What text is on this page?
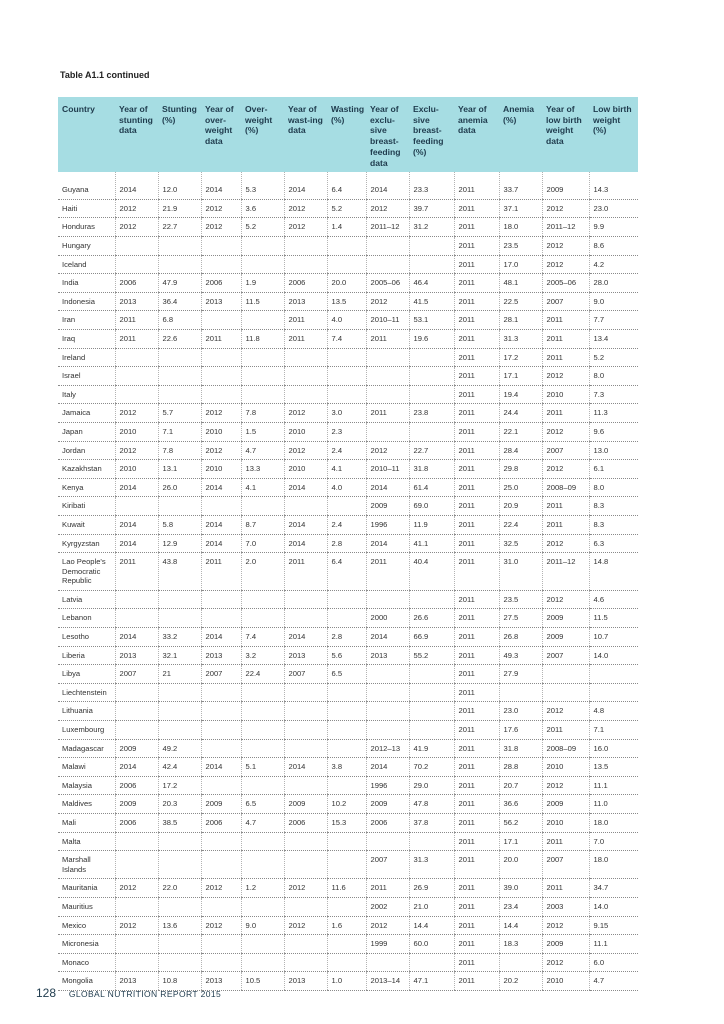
Table A1.1 continued
Country	Year of stunting data	Stunting (%)	Year of over-weight data	Over-weight (%)	Year of wast-ing data	Wasting (%)	Year of exclu-sive breast-feeding data	Exclu-sive breast-feeding (%)	Year of anemia data	Anemia (%)	Year of low birth weight data	Low birth weight (%)
Guyana	2014	12.0	2014	5.3	2014	6.4	2014	23.3	2011	33.7	2009	14.3
Haiti	2012	21.9	2012	3.6	2012	5.2	2012	39.7	2011	37.1	2012	23.0
Honduras	2012	22.7	2012	5.2	2012	1.4	2011–12	31.2	2011	18.0	2011–12	9.9
Hungary									2011	23.5	2012	8.6
Iceland									2011	17.0	2012	4.2
India	2006	47.9	2006	1.9	2006	20.0	2005–06	46.4	2011	48.1	2005–06	28.0
Indonesia	2013	36.4	2013	11.5	2013	13.5	2012	41.5	2011	22.5	2007	9.0
Iran	2011	6.8			2011	4.0	2010–11	53.1	2011	28.1	2011	7.7
Iraq	2011	22.6	2011	11.8	2011	7.4	2011	19.6	2011	31.3	2011	13.4
Ireland									2011	17.2	2011	5.2
Israel									2011	17.1	2012	8.0
Italy									2011	19.4	2010	7.3
Jamaica	2012	5.7	2012	7.8	2012	3.0	2011	23.8	2011	24.4	2011	11.3
Japan	2010	7.1	2010	1.5	2010	2.3			2011	22.1	2012	9.6
Jordan	2012	7.8	2012	4.7	2012	2.4	2012	22.7	2011	28.4	2007	13.0
Kazakhstan	2010	13.1	2010	13.3	2010	4.1	2010–11	31.8	2011	29.8	2012	6.1
Kenya	2014	26.0	2014	4.1	2014	4.0	2014	61.4	2011	25.0	2008–09	8.0
Kiribati							2009	69.0	2011	20.9	2011	8.3
Kuwait	2014	5.8	2014	8.7	2014	2.4	1996	11.9	2011	22.4	2011	8.3
Kyrgyzstan	2014	12.9	2014	7.0	2014	2.8	2014	41.1	2011	32.5	2012	6.3
Lao People's Democratic Republic	2011	43.8	2011	2.0	2011	6.4	2011	40.4	2011	31.0	2011–12	14.8
Latvia									2011	23.5	2012	4.6
Lebanon							2000	26.6	2011	27.5	2009	11.5
Lesotho	2014	33.2	2014	7.4	2014	2.8	2014	66.9	2011	26.8	2009	10.7
Liberia	2013	32.1	2013	3.2	2013	5.6	2013	55.2	2011	49.3	2007	14.0
Libya	2007	21	2007	22.4	2007	6.5			2011	27.9		
Liechtenstein									2011			
Lithuania									2011	23.0	2012	4.8
Luxembourg									2011	17.6	2011	7.1
Madagascar	2009	49.2					2012–13	41.9	2011	31.8	2008–09	16.0
Malawi	2014	42.4	2014	5.1	2014	3.8	2014	70.2	2011	28.8	2010	13.5
Malaysia	2006	17.2					1996	29.0	2011	20.7	2012	11.1
Maldives	2009	20.3	2009	6.5	2009	10.2	2009	47.8	2011	36.6	2009	11.0
Mali	2006	38.5	2006	4.7	2006	15.3	2006	37.8	2011	56.2	2010	18.0
Malta									2011	17.1	2011	7.0
Marshall Islands							2007	31.3	2011	20.0	2007	18.0
Mauritania	2012	22.0	2012	1.2	2012	11.6	2011	26.9	2011	39.0	2011	34.7
Mauritius							2002	21.0	2011	23.4	2003	14.0
Mexico	2012	13.6	2012	9.0	2012	1.6	2012	14.4	2011	14.4	2012	9.15
Micronesia							1999	60.0	2011	18.3	2009	11.1
Monaco									2011		2012	6.0
Mongolia	2013	10.8	2013	10.5	2013	1.0	2013–14	47.1	2011	20.2	2010	4.7
128 GLOBAL NUTRITION REPORT 2015
